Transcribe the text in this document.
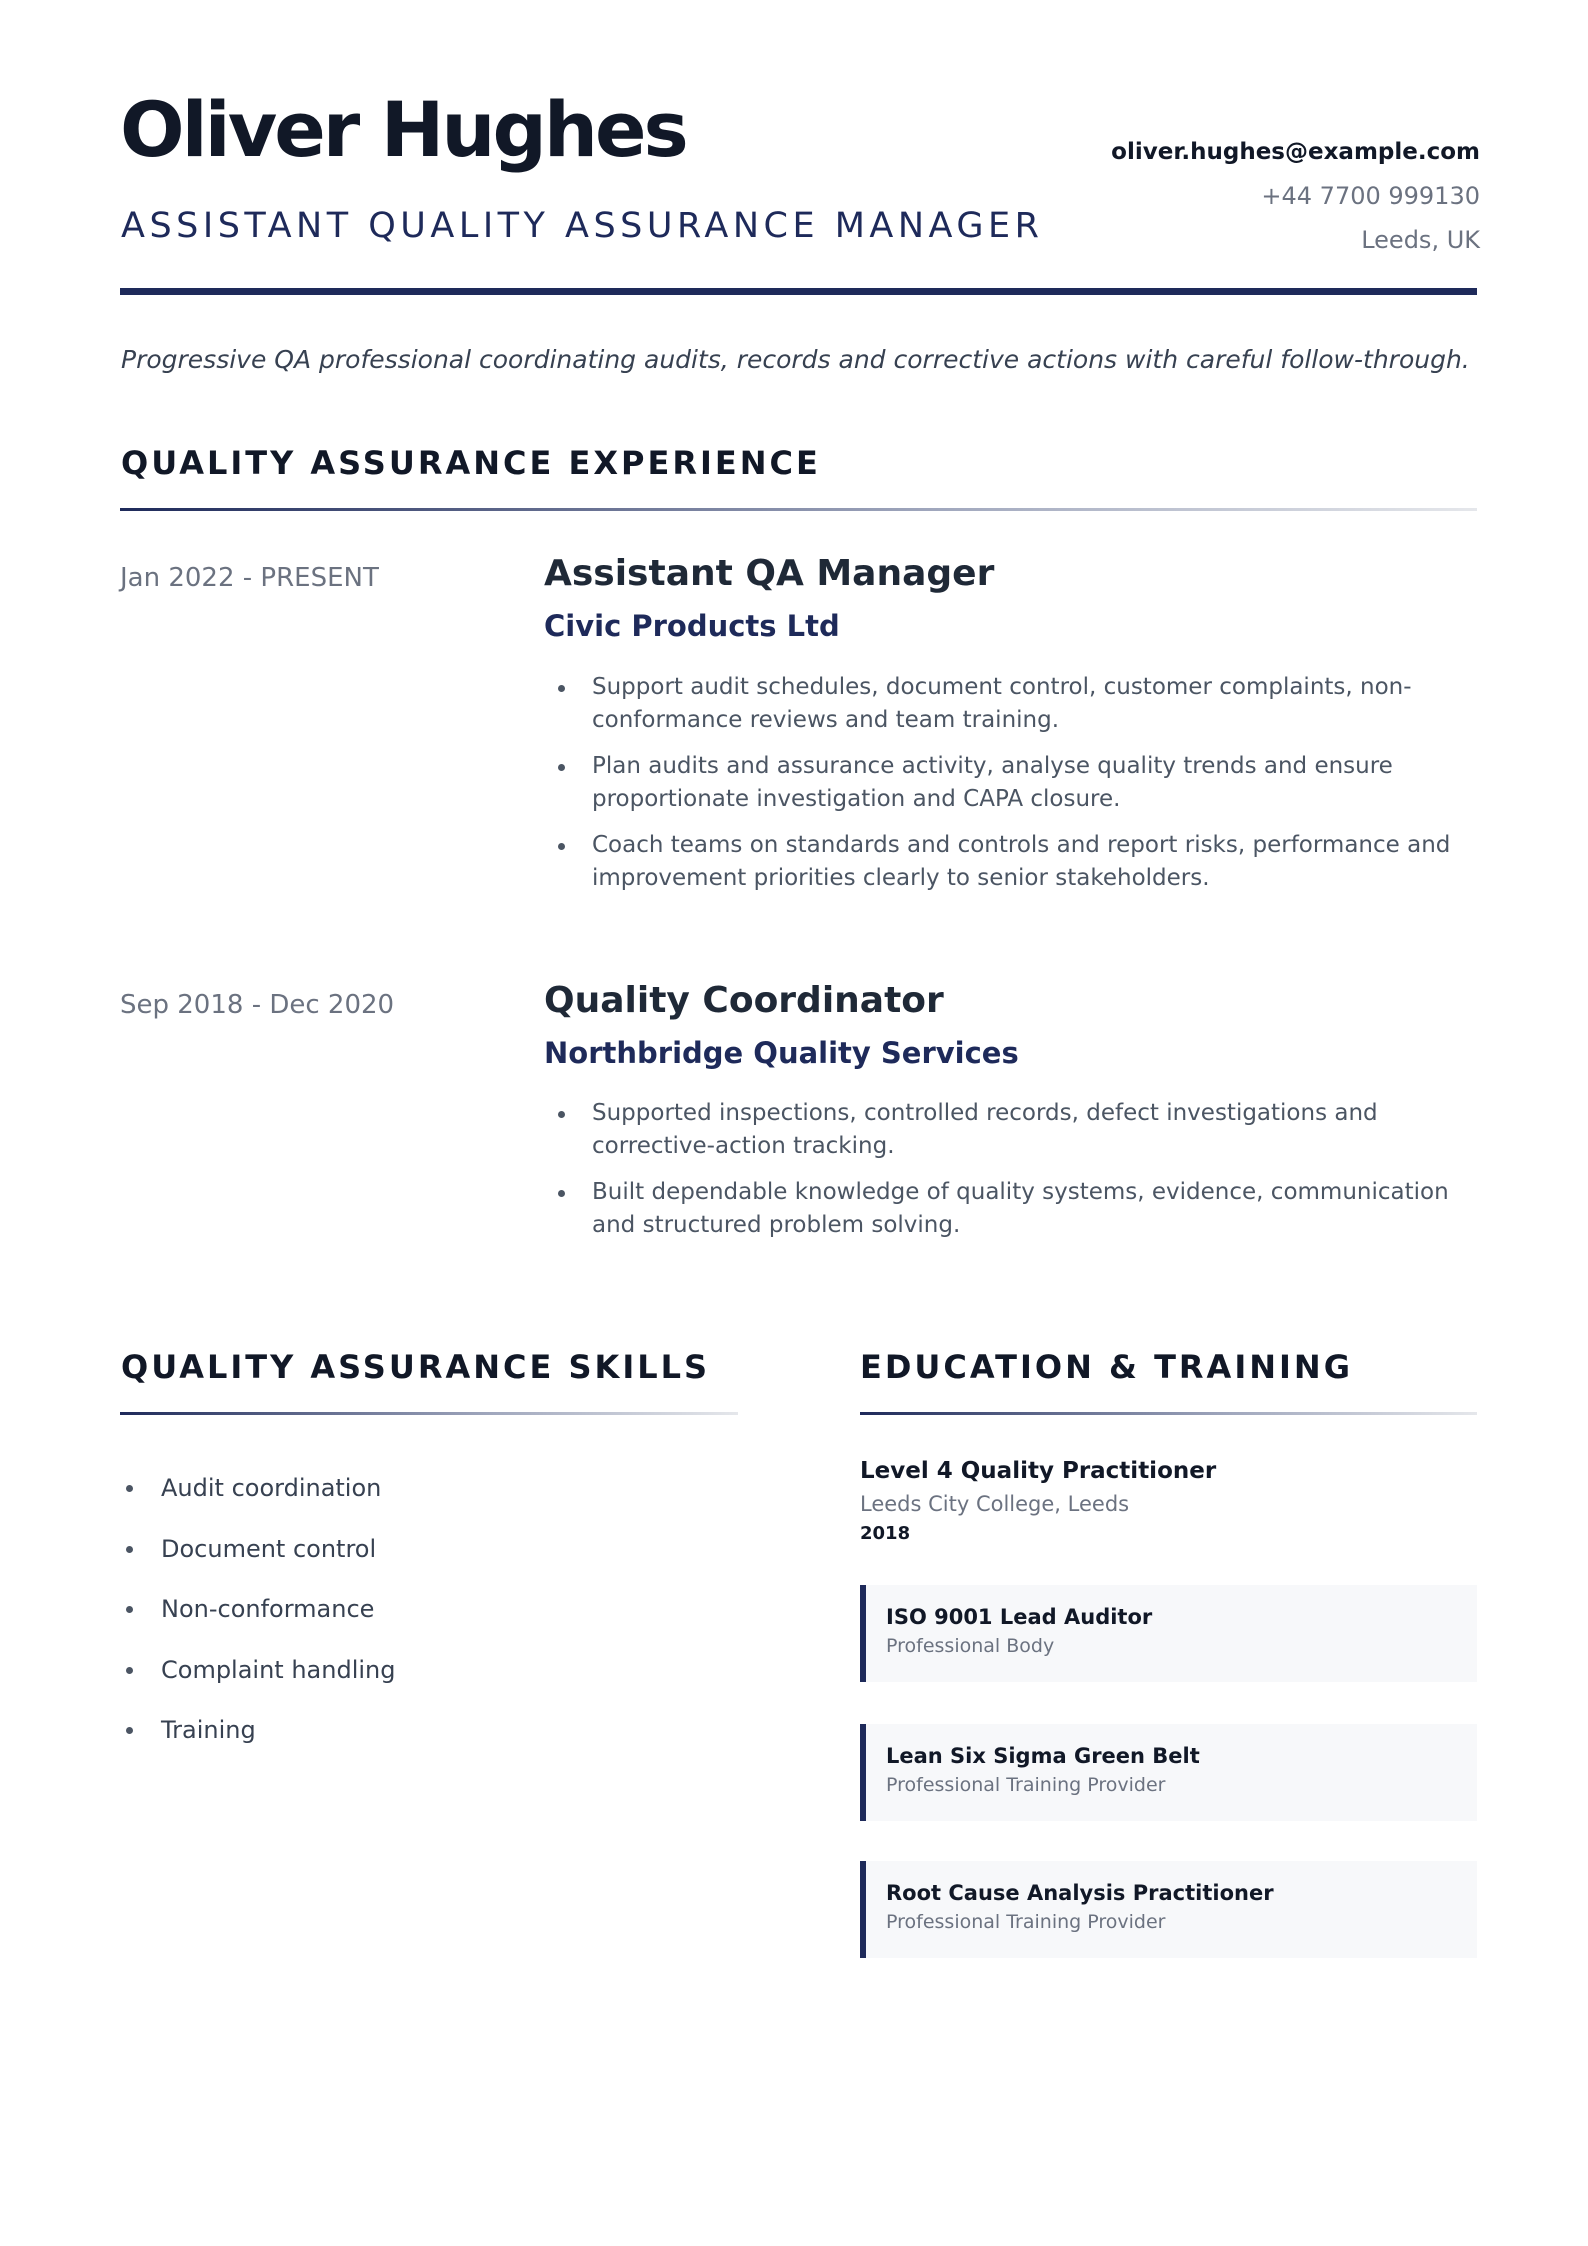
Oliver Hughes
ASSISTANT QUALITY ASSURANCE MANAGER
oliver.hughes@example.com
+44 7700 999130
Leeds, UK
Progressive QA professional coordinating audits, records and corrective actions with careful follow-through.
QUALITY ASSURANCE EXPERIENCE
Jan 2022 - PRESENT	Assistant QA Manager
Civic Products Ltd
Support audit schedules, document control, customer complaints, non-conformance reviews and team training.
Plan audits and assurance activity, analyse quality trends and ensure proportionate investigation and CAPA closure.
Coach teams on standards and controls and report risks, performance and improvement priorities clearly to senior stakeholders.
Sep 2018 - Dec 2020	Quality Coordinator
Northbridge Quality Services
Supported inspections, controlled records, defect investigations and corrective-action tracking.
Built dependable knowledge of quality systems, evidence, communication and structured problem solving.
QUALITY ASSURANCE SKILLS
Audit coordination
Document control
Non-conformance
Complaint handling
Training
EDUCATION & TRAINING
Level 4 Quality Practitioner
Leeds City College, Leeds
2018
ISO 9001 Lead Auditor
Professional Body
Lean Six Sigma Green Belt
Professional Training Provider
Root Cause Analysis Practitioner
Professional Training Provider
